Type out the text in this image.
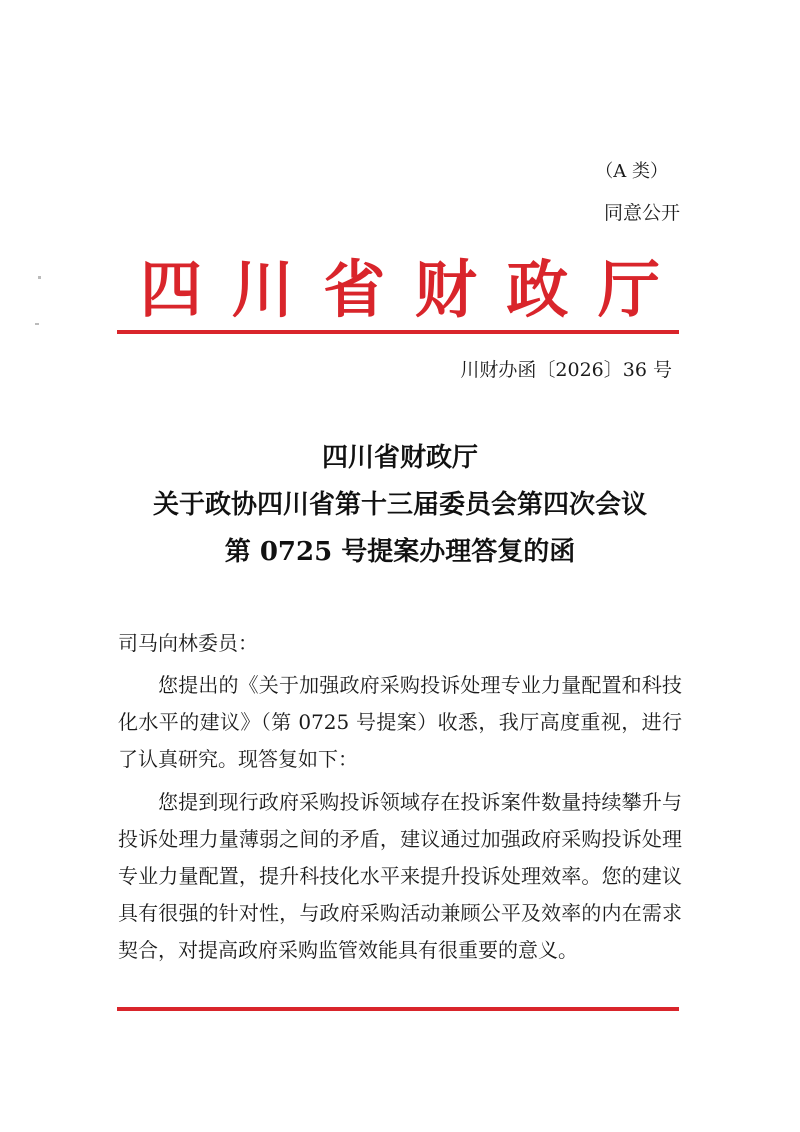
（A 类）
同意公开
四 川 省 财 政 厅
川财办函〔2026〕36 号
四川省财政厅
关于政协四川省第十三届委员会第四次会议
第 0725 号提案办理答复的函
司马向林委员：
您提出的《关于加强政府采购投诉处理专业力量配置和科技化水平的建议》（第 0725 号提案）收悉，我厅高度重视，进行了认真研究。现答复如下：
您提到现行政府采购投诉领域存在投诉案件数量持续攀升与投诉处理力量薄弱之间的矛盾，建议通过加强政府采购投诉处理专业力量配置，提升科技化水平来提升投诉处理效率。您的建议具有很强的针对性，与政府采购活动兼顾公平及效率的内在需求契合，对提高政府采购监管效能具有很重要的意义。
